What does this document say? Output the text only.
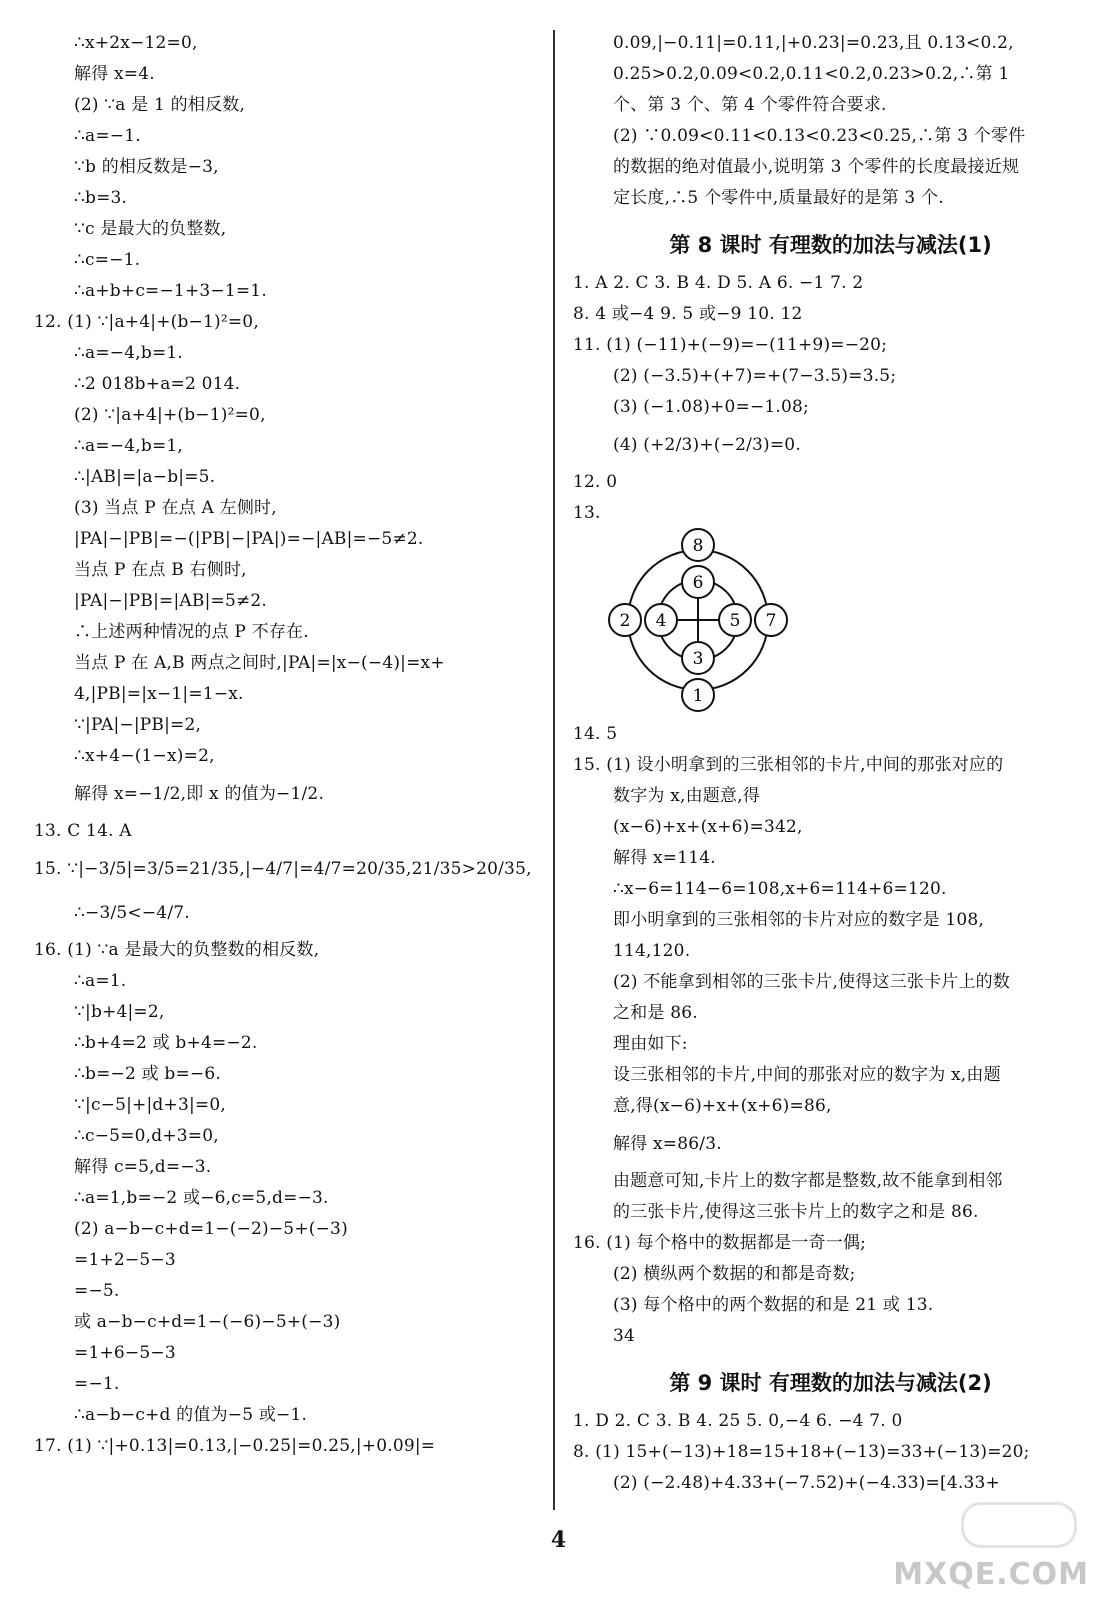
∴x+2x−12=0,
解得 x=4.
(2) ∵a 是 1 的相反数,
∴a=−1.
∵b 的相反数是−3,
∴b=3.
∵c 是最大的负整数,
∴c=−1.
∴a+b+c=−1+3−1=1.
12. (1) ∵|a+4|+(b−1)²=0,
∴a=−4,b=1.
∴2 018b+a=2 014.
(2) ∵|a+4|+(b−1)²=0,
∴a=−4,b=1,
∴|AB|=|a−b|=5.
(3) 当点 P 在点 A 左侧时,
|PA|−|PB|=−(|PB|−|PA|)=−|AB|=−5≠2.
当点 P 在点 B 右侧时,
|PA|−|PB|=|AB|=5≠2.
∴上述两种情况的点 P 不存在.
当点 P 在 A,B 两点之间时,|PA|=|x−(−4)|=x+
4,|PB|=|x−1|=1−x.
∵|PA|−|PB|=2,
∴x+4−(1−x)=2,
解得 x=−1/2,即 x 的值为−1/2.
13. C 14. A
15. ∵|−3/5|=3/5=21/35,|−4/7|=4/7=20/35,21/35>20/35,
∴−3/5<−4/7.
16. (1) ∵a 是最大的负整数的相反数,
∴a=1.
∵|b+4|=2,
∴b+4=2 或 b+4=−2.
∴b=−2 或 b=−6.
∵|c−5|+|d+3|=0,
∴c−5=0,d+3=0,
解得 c=5,d=−3.
∴a=1,b=−2 或−6,c=5,d=−3.
(2) a−b−c+d=1−(−2)−5+(−3)
=1+2−5−3
=−5.
或 a−b−c+d=1−(−6)−5+(−3)
=1+6−5−3
=−1.
∴a−b−c+d 的值为−5 或−1.
17. (1) ∵|+0.13|=0.13,|−0.25|=0.25,|+0.09|=
0.09,|−0.11|=0.11,|+0.23|=0.23,且 0.13<0.2,
0.25>0.2,0.09<0.2,0.11<0.2,0.23>0.2,∴第 1
个、第 3 个、第 4 个零件符合要求.
(2) ∵0.09<0.11<0.13<0.23<0.25,∴第 3 个零件
的数据的绝对值最小,说明第 3 个零件的长度最接近规
定长度,∴5 个零件中,质量最好的是第 3 个.
第 8 课时 有理数的加法与减法(1)
1. A 2. C 3. B 4. D 5. A 6. −1 7. 2
8. 4 或−4 9. 5 或−9 10. 12
11. (1) (−11)+(−9)=−(11+9)=−20;
(2) (−3.5)+(+7)=+(7−3.5)=3.5;
(3) (−1.08)+0=−1.08;
(4) (+2/3)+(−2/3)=0.
12. 0
13.
8
6
2 4	5 7
3
1
14. 5
15. (1) 设小明拿到的三张相邻的卡片,中间的那张对应的
数字为 x,由题意,得
(x−6)+x+(x+6)=342,
解得 x=114.
∴x−6=114−6=108,x+6=114+6=120.
即小明拿到的三张相邻的卡片对应的数字是 108,
114,120.
(2) 不能拿到相邻的三张卡片,使得这三张卡片上的数
之和是 86.
理由如下:
设三张相邻的卡片,中间的那张对应的数字为 x,由题
意,得(x−6)+x+(x+6)=86,
解得 x=86/3.
由题意可知,卡片上的数字都是整数,故不能拿到相邻
的三张卡片,使得这三张卡片上的数字之和是 86.
16. (1) 每个格中的数据都是一奇一偶;
(2) 横纵两个数据的和都是奇数;
(3) 每个格中的两个数据的和是 21 或 13.
34
第 9 课时 有理数的加法与减法(2)
1. D 2. C 3. B 4. 25 5. 0,−4 6. −4 7. 0
8. (1) 15+(−13)+18=15+18+(−13)=33+(−13)=20;
(2) (−2.48)+4.33+(−7.52)+(−4.33)=[4.33+
4
MXQE.COM
